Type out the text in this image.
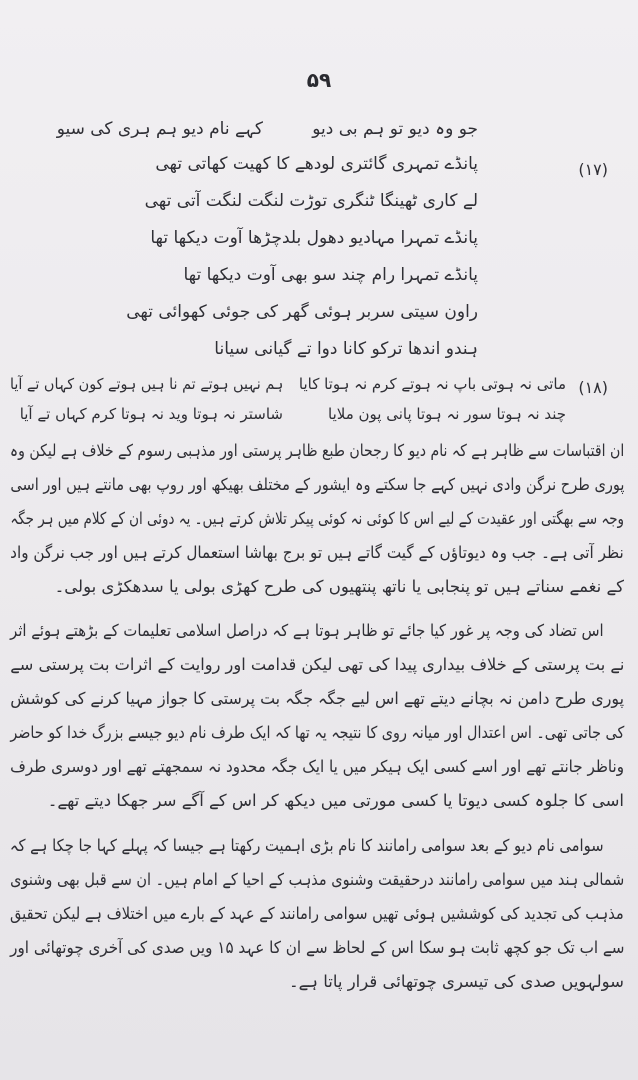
۵۹
جو وہ دیو تو ہم بی دیو
کہے نام دیو ہم ہری کی سیو
(۱۷)
پانڈے تمہری گائتری لودھے کا کھیت کھاتی تھی
لے کاری ٹھینگا ٹنگری توڑت لنگت لنگت آتی تھی
پانڈے تمہرا مہادیو دھول بلدچڑھا آوت دیکھا تھا
پانڈے تمہرا رام چند سو بھی آوت دیکھا تھا
راون سیتی سربر ہوئی گھر کی جوئی کھوائی تھی
ہندو اندھا ترکو کانا دوا تے گیانی سیانا
(۱۸)
ماتی نہ ہوتی باپ نہ ہوتے کرم نہ ہوتا کایا
ہم نہیں ہوتے تم نا ہیں ہوتے کون کہاں تے آیا
چند نہ ہوتا سور نہ ہوتا پانی پون ملایا
شاستر نہ ہوتا وید نہ ہوتا کرم کہاں تے آیا
ان اقتباسات سے ظاہر ہے کہ نام دیو کا رجحان طبع ظاہر پرستی اور مذہبی رسوم کے خلاف ہے لیکن وہ
پوری طرح نرگن وادی نہیں کہے جا سکتے وہ ایشور کے مختلف بھیکھ اور روپ بھی مانتے ہیں اور اسی
وجہ سے بھگتی اور عقیدت کے لیے اس کا کوئی نہ کوئی پیکر تلاش کرتے ہیں۔ یہ دوئی ان کے کلام میں ہر جگہ
نظر آتی ہے۔ جب وہ دیوتاؤں کے گیت گاتے ہیں تو برج بھاشا استعمال کرتے ہیں اور جب نرگن واد
کے نغمے سناتے ہیں تو پنجابی یا ناتھ پنتھیوں کی طرح کھڑی بولی یا سدھکڑی بولی۔
اس تضاد کی وجہ پر غور کیا جائے تو ظاہر ہوتا ہے کہ دراصل اسلامی تعلیمات کے بڑھتے ہوئے اثر
نے بت پرستی کے خلاف بیداری پیدا کی تھی لیکن قدامت اور روایت کے اثرات بت پرستی سے
پوری طرح دامن نہ بچانے دیتے تھے اس لیے جگہ جگہ بت پرستی کا جواز مہیا کرنے کی کوشش
کی جاتی تھی۔ اس اعتدال اور میانہ روی کا نتیجہ یہ تھا کہ ایک طرف نام دیو جیسے بزرگ خدا کو حاضر
وناظر جانتے تھے اور اسے کسی ایک ہیکر میں یا ایک جگہ محدود نہ سمجھتے تھے اور دوسری طرف
اسی کا جلوہ کسی دیوتا یا کسی مورتی میں دیکھ کر اس کے آگے سر جھکا دیتے تھے۔
سوامی نام دیو کے بعد سوامی رامانند کا نام بڑی اہمیت رکھتا ہے جیسا کہ پہلے کہا جا چکا ہے کہ
شمالی ہند میں سوامی رامانند درحقیقت وشنوی مذہب کے احیا کے امام ہیں۔ ان سے قبل بھی وشنوی
مذہب کی تجدید کی کوششیں ہوئی تھیں سوامی رامانند کے عہد کے بارے میں اختلاف ہے لیکن تحقیق
سے اب تک جو کچھ ثابت ہو سکا اس کے لحاظ سے ان کا عہد ۱۵ ویں صدی کی آخری چوتھائی اور
سولہویں صدی کی تیسری چوتھائی قرار پاتا ہے۔
